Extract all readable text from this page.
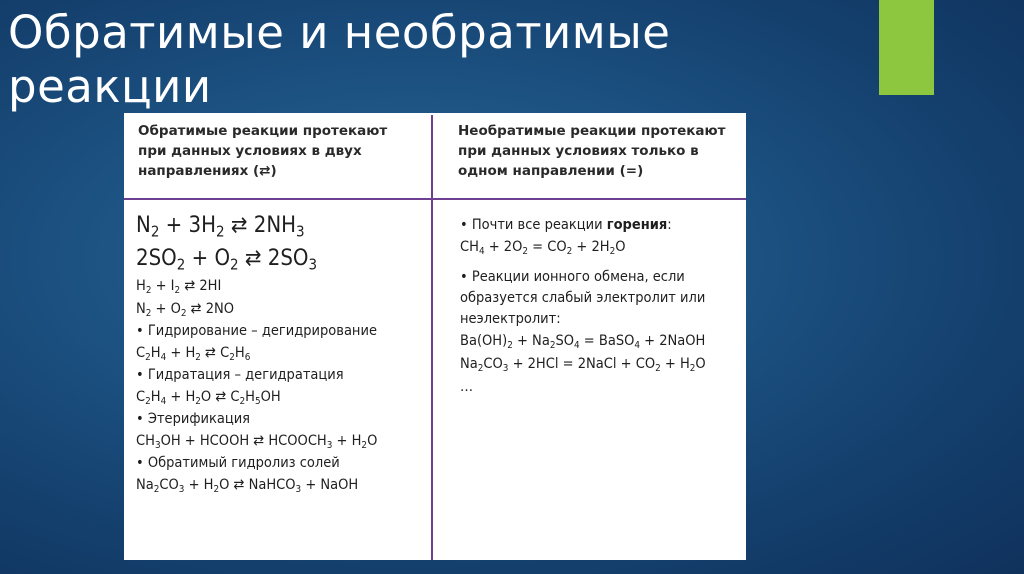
Обратимые и необратимые
реакции
Обратимые реакции протекают
при данных условиях в двух
направлениях (⇄)
Необратимые реакции протекают
при данных условиях только в
одном направлении (=)
$N_2 + 3H_2$ ⇄ $2NH_3$
$2SO_2 + O_2$ ⇄ $2SO_3$
$H_2 + I_2$ ⇄ 2HI
$N_2 + O_2$ ⇄ 2NO
• Гидрирование – дегидрирование
$C_2H_4 + H_2$ ⇄ $C_2H_6$
• Гидратация – дегидратация
$C_2H_4 + H_2O$ ⇄ $C_2H_5OH$
• Этерификация
$CH_3OH$ + HCOOH ⇄ $HCOOCH_3 + H_2O$
• Обратимый гидролиз солей
$Na_2CO_3 + H_2O$ ⇄ NaHCO$_3$ + NaOH
• Почти все реакции горения:
$CH_4 + 2O_2 = CO_2 + 2H_2O$
• Реакции ионного обмена, если
образуется слабый электролит или
неэлектролит:
$Ba(OH)_2 + Na_2SO_4$ = BaSO$_4$ + 2NaOH
$Na_2CO_3 + 2HCl$ = 2NaCl + $CO_2 + H_2O$
…
